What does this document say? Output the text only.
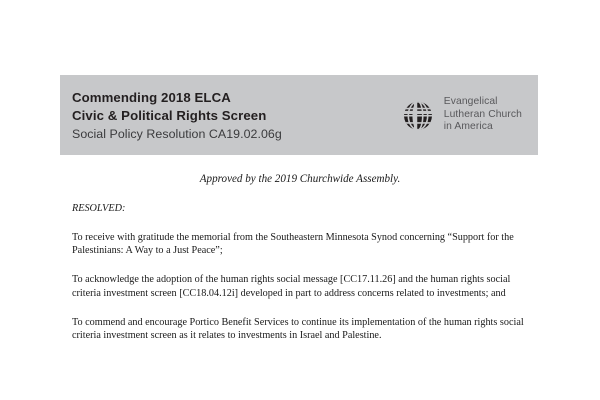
Commending 2018 ELCA
Civic & Political Rights Screen
Social Policy Resolution CA19.02.06g
Evangelical
Lutheran Church
in America

Approved by the 2019 Churchwide Assembly.

RESOLVED:

To receive with gratitude the memorial from the Southeastern Minnesota Synod concerning “Support for the Palestinians: A Way to a Just Peace”;

To acknowledge the adoption of the human rights social message [CC17.11.26] and the human rights social criteria investment screen [CC18.04.12i] developed in part to address concerns related to investments; and

To commend and encourage Portico Benefit Services to continue its implementation of the human rights social criteria investment screen as it relates to investments in Israel and Palestine.
